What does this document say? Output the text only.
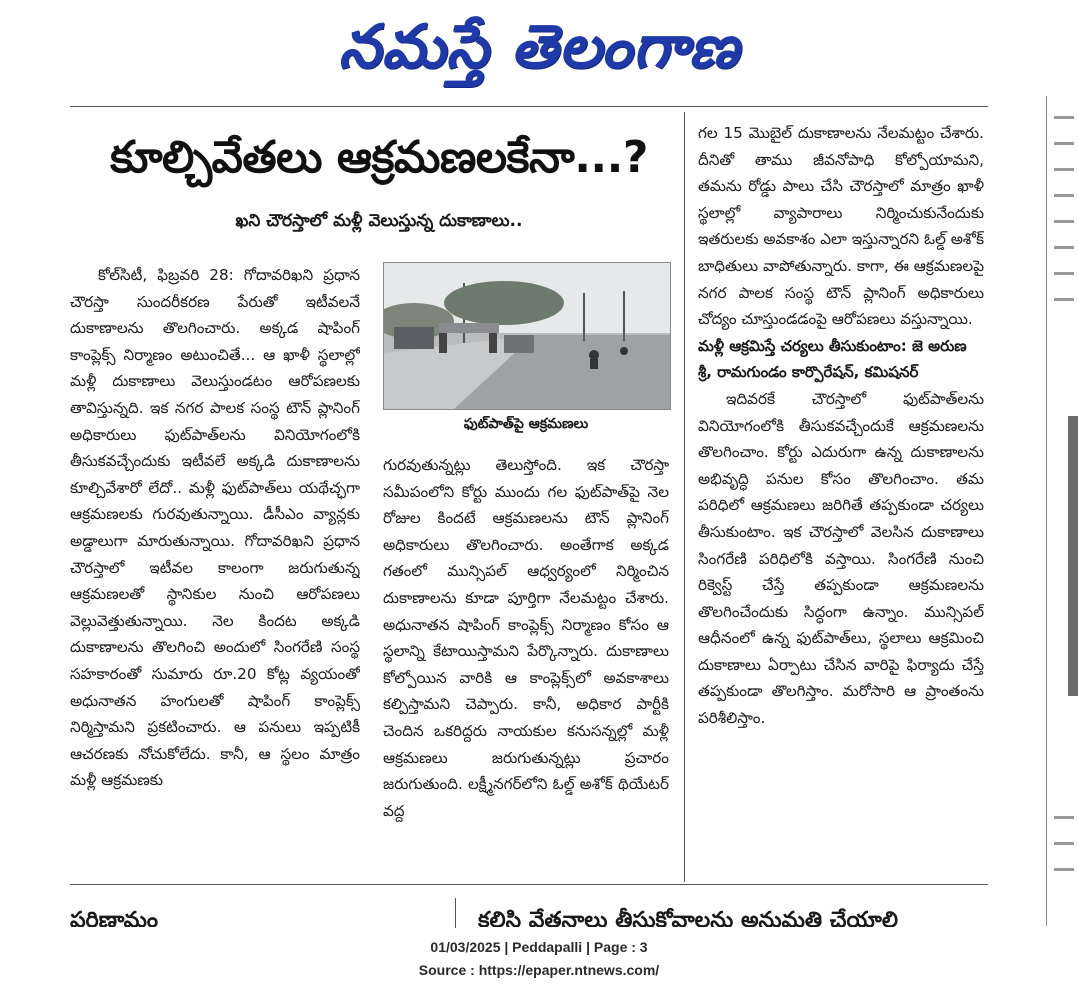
నమస్తే తెలంగాణ
కూల్చివేతలు ఆక్రమణలకేనా...?
ఖని చౌరస్తాలో మళ్లీ వెలుస్తున్న దుకాణాలు..

కోల్‌సిటీ, ఫిబ్రవరి 28: గోదావరిఖని ప్రధాన చౌరస్తా సుందరీకరణ పేరుతో ఇటీవలనే దుకాణాలను తొలగించారు. అక్కడ షాపింగ్ కాంప్లెక్స్ నిర్మాణం అటుంచితే... ఆ ఖాళీ స్థలాల్లో మళ్లీ దుకాణాలు వెలుస్తుండటం ఆరోపణలకు తావిస్తున్నది. ఇక నగర పాలక సంస్థ టౌన్ ప్లానింగ్ అధికారులు ఫుట్‌పాత్‌లను వినియోగంలోకి తీసుకవచ్చేందుకు ఇటీవలే అక్కడి దుకాణాలను కూల్చివేశారో లేదో.. మళ్లీ ఫుట్‌పాత్‌లు యథేచ్ఛగా ఆక్రమణలకు గురవుతున్నాయి. డీసీఎం వ్యాన్లకు అడ్డాలుగా మారుతున్నాయి. గోదావరిఖని ప్రధాన చౌరస్తాలో ఇటీవల కాలంగా జరుగుతున్న ఆక్రమణలతో స్థానికుల నుంచి ఆరోపణలు వెల్లువెత్తుతున్నాయి. నెల కిందట అక్కడి దుకాణాలను తొలగించి అందులో సింగరేణి సంస్థ సహకారంతో సుమారు రూ.20 కోట్ల వ్యయంతో అధునాతన హంగులతో షాపింగ్ కాంప్లెక్స్ నిర్మిస్తామని ప్రకటించారు. ఆ పనులు ఇప్పటికీ ఆచరణకు నోచుకోలేదు. కానీ, ఆ స్థలం మాత్రం మళ్లీ ఆక్రమణకు

ఫుట్‌పాత్‌పై ఆక్రమణలు

గురవుతున్నట్లు తెలుస్తోంది. ఇక చౌరస్తా సమీపంలోని కోర్టు ముందు గల ఫుట్‌పాత్‌పై నెల రోజుల కిందటే ఆక్రమణలను టౌన్ ప్లానింగ్ అధికారులు తొలగించారు. అంతేగాక అక్కడ గతంలో మున్సిపల్ ఆధ్వర్యంలో నిర్మించిన దుకాణాలను కూడా పూర్తిగా నేలమట్టం చేశారు. అధునాతన షాపింగ్ కాంప్లెక్స్ నిర్మాణం కోసం ఆ స్థలాన్ని కేటాయిస్తామని పేర్కొన్నారు. దుకాణాలు కోల్పోయిన వారికి ఆ కాంప్లెక్స్‌లో అవకాశాలు కల్పిస్తామని చెప్పారు. కానీ, అధికార పార్టీకి చెందిన ఒకరిద్దరు నాయకుల కనుసన్నల్లో మళ్లీ ఆక్రమణలు జరుగుతున్నట్లు ప్రచారం జరుగుతుంది. లక్ష్మీనగర్‌లోని ఓల్డ్ అశోక్ థియేటర్ వద్ద

గల 15 మొబైల్ దుకాణాలను నేలమట్టం చేశారు. దీనితో తాము జీవనోపాధి కోల్పోయామని, తమను రోడ్డు పాలు చేసి చౌరస్తాలో మాత్రం ఖాళీ స్థలాల్లో వ్యాపారాలు నిర్మించుకునేందుకు ఇతరులకు అవకాశం ఎలా ఇస్తున్నారని ఓల్డ్ అశోక్ బాధితులు వాపోతున్నారు. కాగా, ఈ ఆక్రమణలపై నగర పాలక సంస్థ టౌన్ ప్లానింగ్ అధికారులు చోద్యం చూస్తుండడంపై ఆరోపణలు వస్తున్నాయి.

మళ్లీ ఆక్రమిస్తే చర్యలు తీసుకుంటాం: జె అరుణ శ్రీ, రామగుండం కార్పొరేషన్, కమిషనర్

ఇదివరకే చౌరస్తాలో ఫుట్‌పాత్‌లను వినియోగంలోకి తీసుకవచ్చేందుకే ఆక్రమణలను తొలగించాం. కోర్టు ఎదురుగా ఉన్న దుకాణాలను అభివృద్ధి పనుల కోసం తొలగించాం. తమ పరిధిలో ఆక్రమణలు జరిగితే తప్పకుండా చర్యలు తీసుకుంటాం. ఇక చౌరస్తాలో వెలసిన దుకాణాలు సింగరేణి పరిధిలోకి వస్తాయి. సింగరేణి నుంచి రిక్వెస్ట్ చేస్తే తప్పకుండా ఆక్రమణలను తొలగించేందుకు సిద్ధంగా ఉన్నాం. మున్సిపల్ ఆధీనంలో ఉన్న ఫుట్‌పాత్‌లు, స్థలాలు ఆక్రమించి దుకాణాలు ఏర్పాటు చేసిన వారిపై ఫిర్యాదు చేస్తే తప్పకుండా తొలగిస్తాం. మరోసారి ఆ ప్రాంతంను పరిశీలిస్తాం.

పరిణామం	కలిసి వేతనాలు తీసుకోవాలను అనుమతి చేయాలి
01/03/2025 | Peddapalli | Page : 3
Source : https://epaper.ntnews.com/
